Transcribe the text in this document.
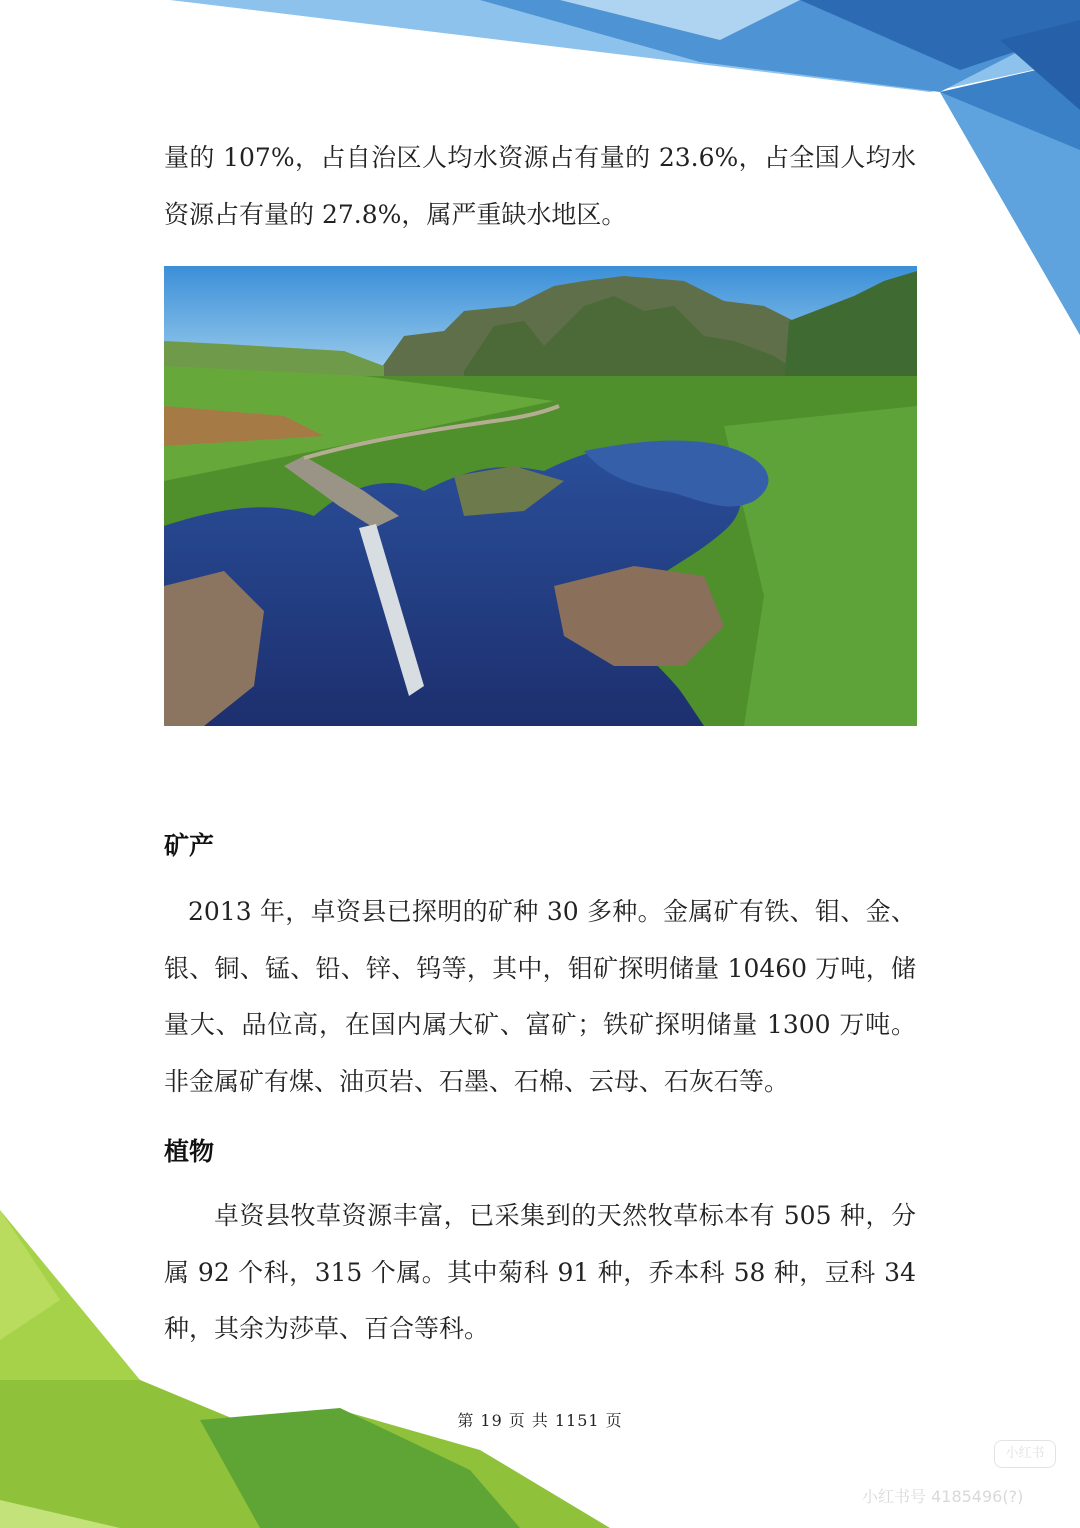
量的 107%，占自治区人均水资源占有量的 23.6%，占全国人均水资源占有量的 27.8%，属严重缺水地区。
矿产
2013 年，卓资县已探明的矿种 30 多种。金属矿有铁、钼、金、银、铜、锰、铅、锌、钨等，其中，钼矿探明储量 10460 万吨，储量大、品位高，在国内属大矿、富矿；铁矿探明储量 1300 万吨。非金属矿有煤、油页岩、石墨、石棉、云母、石灰石等。
植物
卓资县牧草资源丰富，已采集到的天然牧草标本有 505 种，分属 92 个科，315 个属。其中菊科 91 种，乔本科 58 种，豆科 34 种，其余为莎草、百合等科。
第 19 页 共 1151 页
小红书
小红书号 4185496(?)
